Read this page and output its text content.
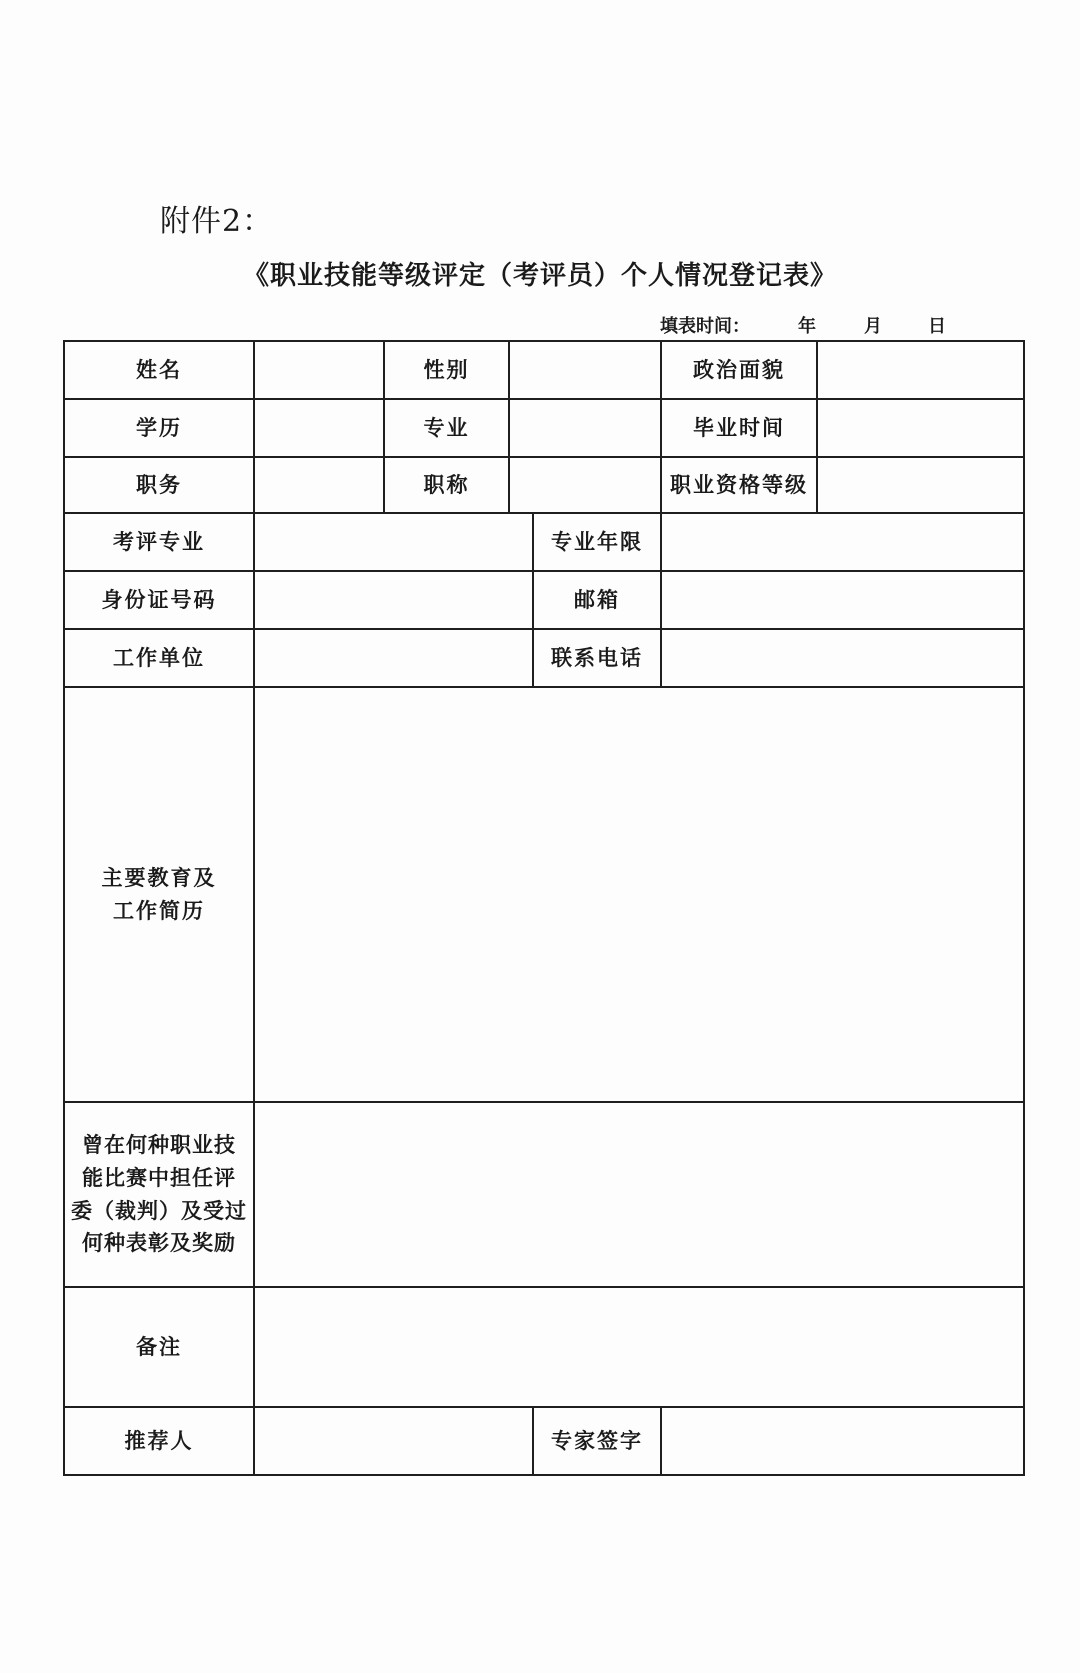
附件2：
《职业技能等级评定（考评员）个人情况登记表》
填表时间：	年	月	日
姓名		性别			政治面貌	
学历		专业			毕业时间	
职务		职称			职业资格等级	
考评专业				专业年限		
身份证号码				邮箱		
工作单位				联系电话		
主要教育及
工作简历						
曾在何种职业技
能比赛中担任评
委（裁判）及受过
何种表彰及奖励						
备注						
推荐人				专家签字		
